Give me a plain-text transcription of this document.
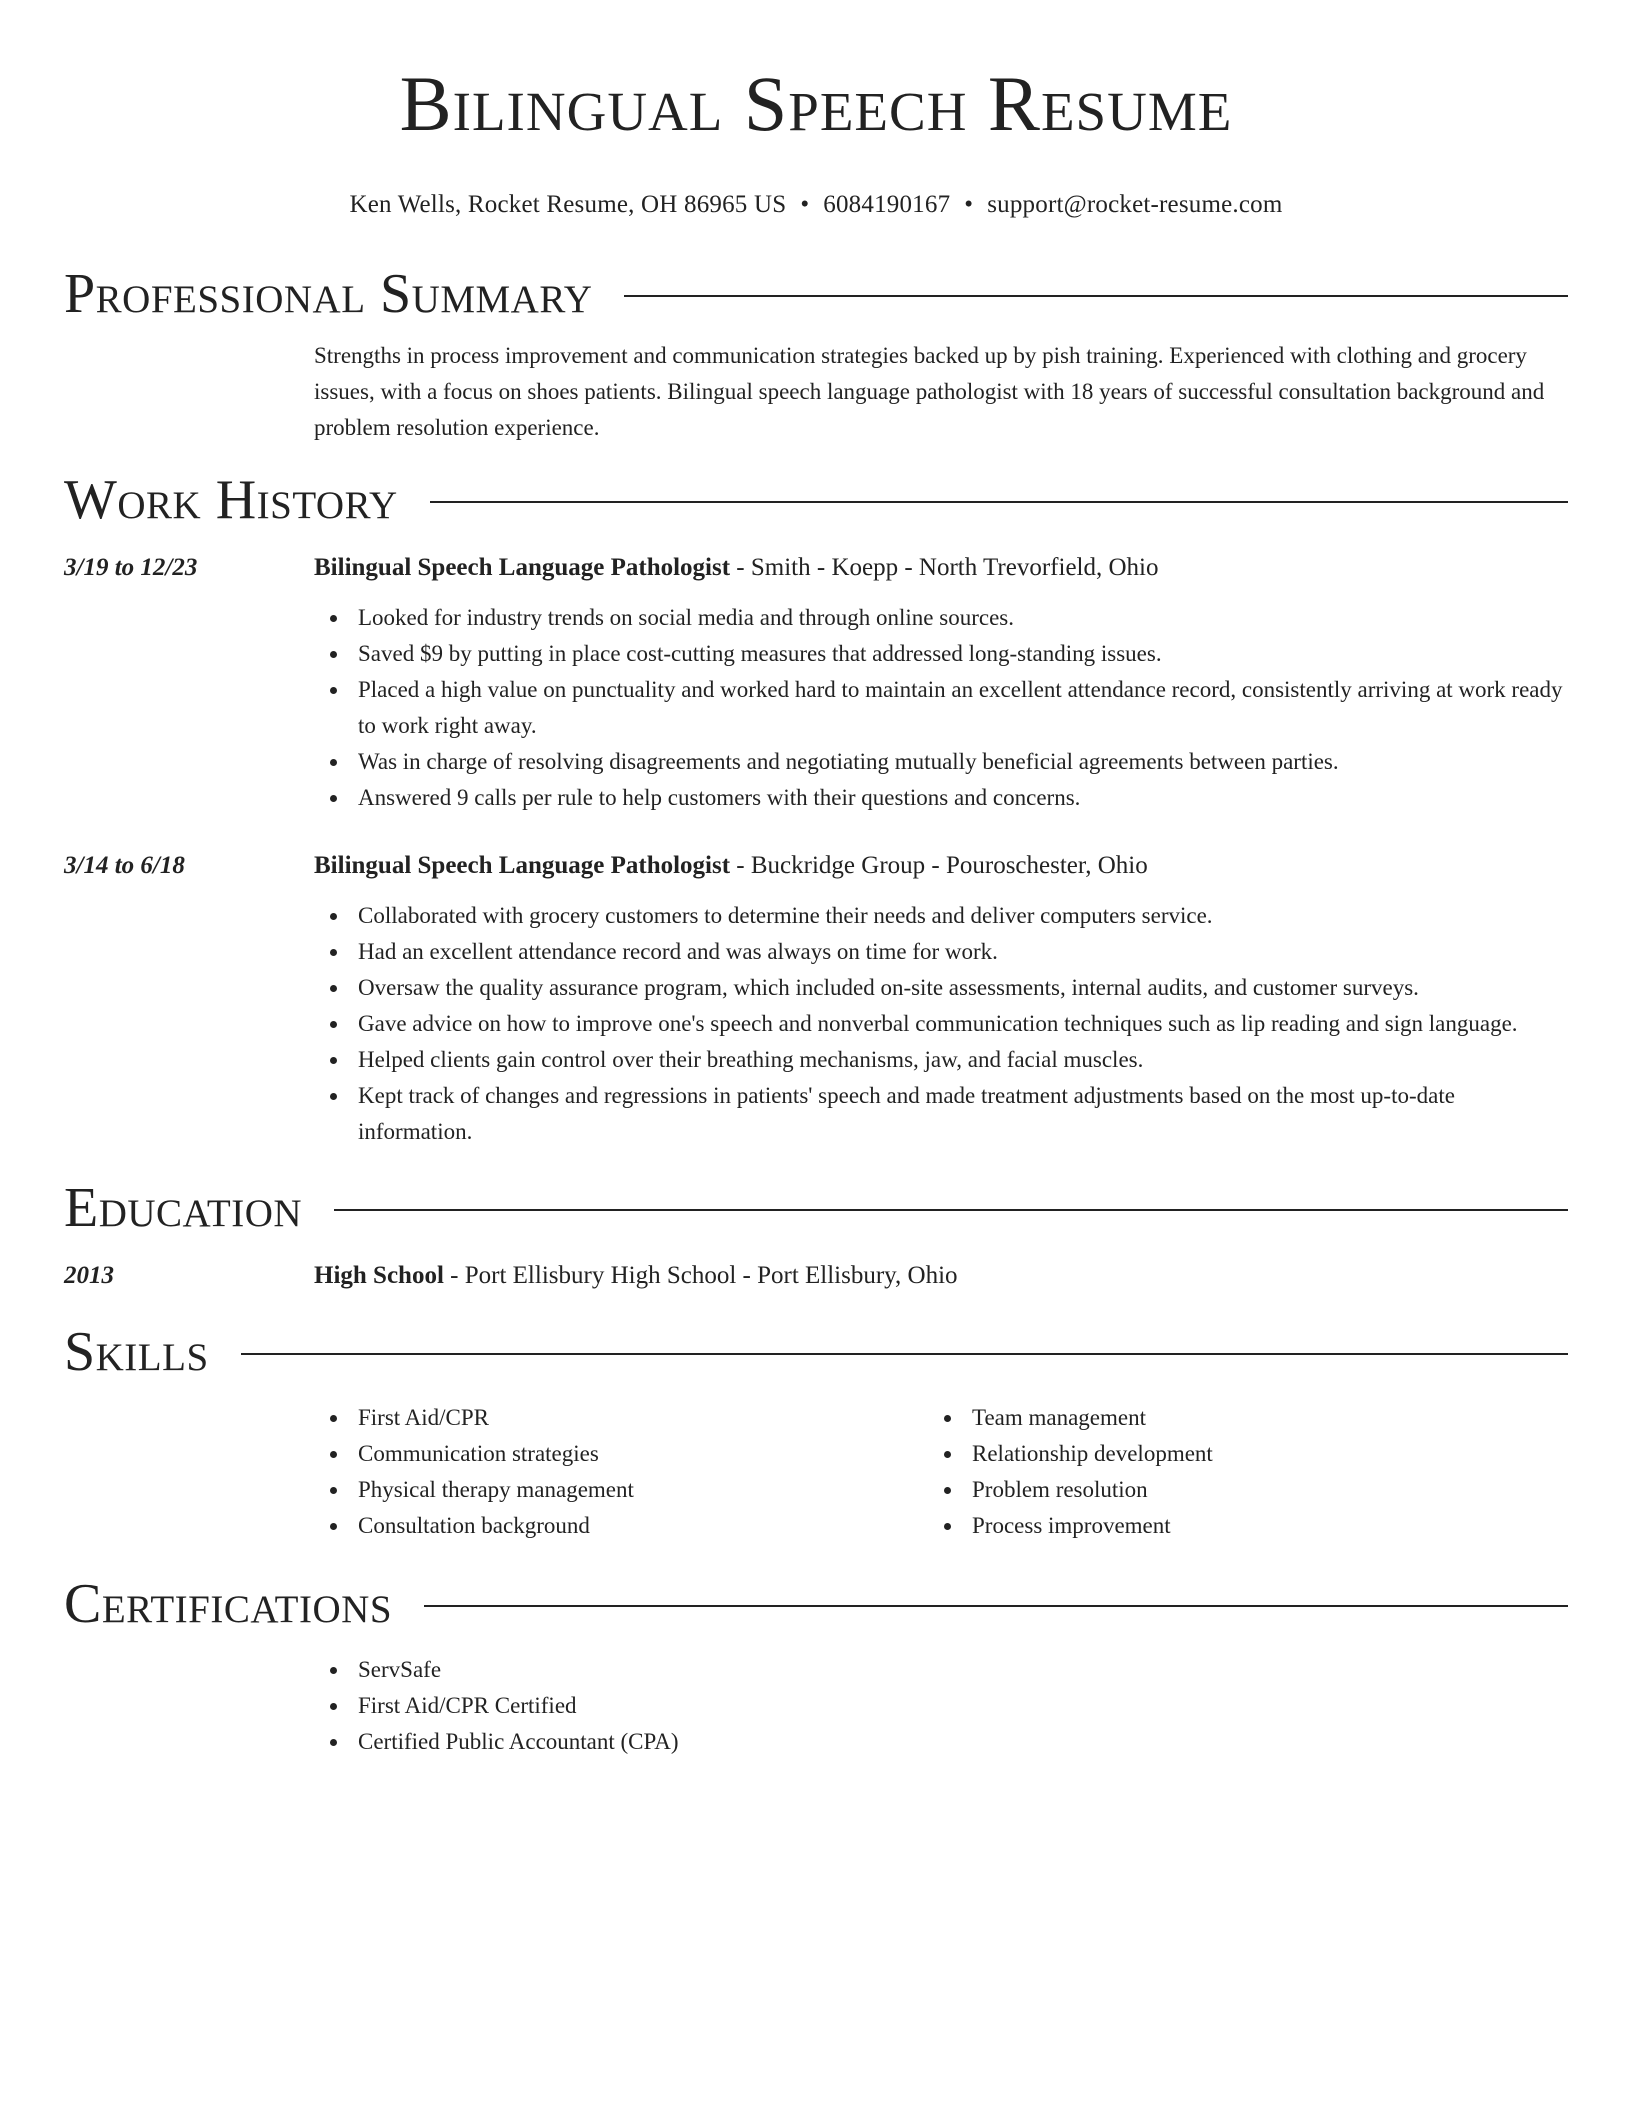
Bilingual Speech Resume
Ken Wells, Rocket Resume, OH 86965 US • 6084190167 • support@rocket-resume.com
Professional Summary

Strengths in process improvement and communication strategies backed up by pish training. Experienced with clothing and grocery issues, with a focus on shoes patients. Bilingual speech language pathologist with 18 years of successful consultation background and problem resolution experience.

Work History
3/19 to 12/23	Bilingual Speech Language Pathologist - Smith - Koepp - North Trevorfield, Ohio
Looked for industry trends on social media and through online sources.
Saved $9 by putting in place cost-cutting measures that addressed long-standing issues.
Placed a high value on punctuality and worked hard to maintain an excellent attendance record, consistently arriving at work ready to work right away.
Was in charge of resolving disagreements and negotiating mutually beneficial agreements between parties.
Answered 9 calls per rule to help customers with their questions and concerns.
3/14 to 6/18	Bilingual Speech Language Pathologist - Buckridge Group - Pouroschester, Ohio
Collaborated with grocery customers to determine their needs and deliver computers service.
Had an excellent attendance record and was always on time for work.
Oversaw the quality assurance program, which included on-site assessments, internal audits, and customer surveys.
Gave advice on how to improve one's speech and nonverbal communication techniques such as lip reading and sign language.
Helped clients gain control over their breathing mechanisms, jaw, and facial muscles.
Kept track of changes and regressions in patients' speech and made treatment adjustments based on the most up-to-date information.
Education
2013	High School - Port Ellisbury High School - Port Ellisbury, Ohio
Skills
First Aid/CPR
Communication strategies
Physical therapy management
Consultation background
Team management
Relationship development
Problem resolution
Process improvement
Certifications
ServSafe
First Aid/CPR Certified
Certified Public Accountant (CPA)
